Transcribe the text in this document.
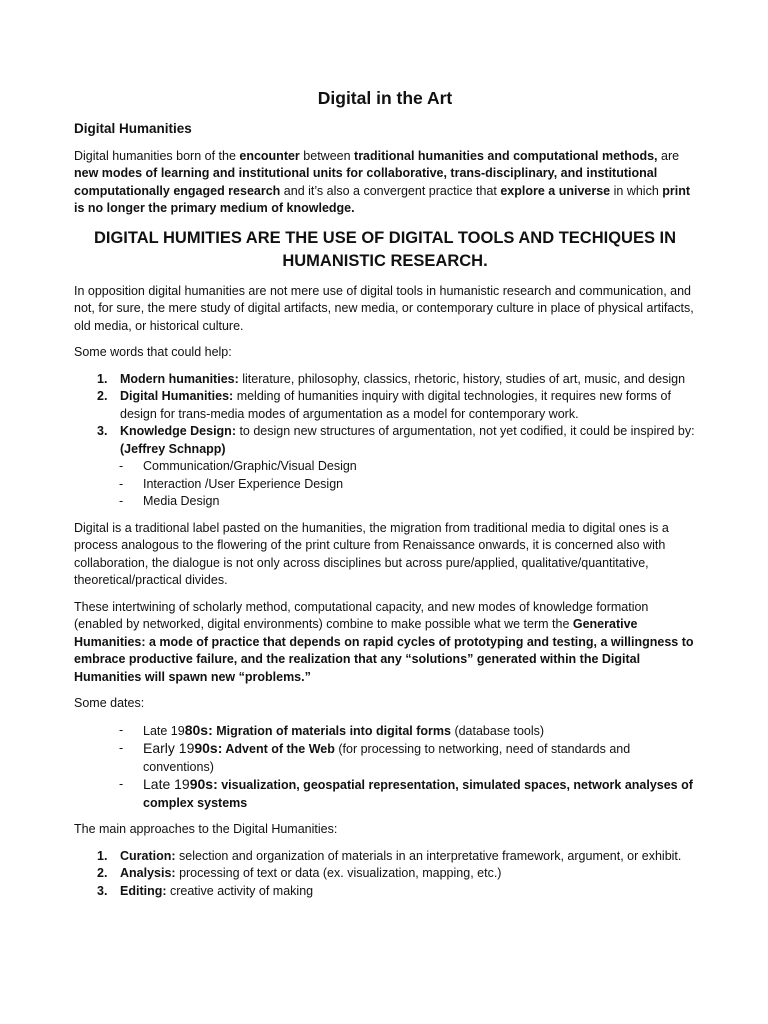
Digital in the Art

Digital Humanities

Digital humanities born of the encounter between traditional humanities and computational methods, are new modes of learning and institutional units for collaborative, trans-disciplinary, and institutional computationally engaged research and it’s also a convergent practice that explore a universe in which print is no longer the primary medium of knowledge.

DIGITAL HUMITIES ARE THE USE OF DIGITAL TOOLS AND TECHIQUES IN HUMANISTIC RESEARCH.

In opposition digital humanities are not mere use of digital tools in humanistic research and communication, and not, for sure, the mere study of digital artifacts, new media, or contemporary culture in place of physical artifacts, old media, or historical culture.

Some words that could help:

1. Modern humanities: literature, philosophy, classics, rhetoric, history, studies of art, music, and design
2. Digital Humanities: melding of humanities inquiry with digital technologies, it requires new forms of design for trans-media modes of argumentation as a model for contemporary work.
3. Knowledge Design: to design new structures of argumentation, not yet codified, it could be inspired by: (Jeffrey Schnapp)
- Communication/Graphic/Visual Design
- Interaction /User Experience Design
- Media Design

Digital is a traditional label pasted on the humanities, the migration from traditional media to digital ones is a process analogous to the flowering of the print culture from Renaissance onwards, it is concerned also with collaboration, the dialogue is not only across disciplines but across pure/applied, qualitative/quantitative, theoretical/practical divides.

These intertwining of scholarly method, computational capacity, and new modes of knowledge formation (enabled by networked, digital environments) combine to make possible what we term the Generative Humanities: a mode of practice that depends on rapid cycles of prototyping and testing, a willingness to embrace productive failure, and the realization that any “solutions” generated within the Digital Humanities will spawn new “problems.”

Some dates:

- Late 1980s: Migration of materials into digital forms (database tools)
- Early 1990s: Advent of the Web (for processing to networking, need of standards and conventions)
- Late 1990s: visualization, geospatial representation, simulated spaces, network analyses of complex systems

The main approaches to the Digital Humanities:

1. Curation: selection and organization of materials in an interpretative framework, argument, or exhibit.
2. Analysis: processing of text or data (ex. visualization, mapping, etc.)
3. Editing: creative activity of making
